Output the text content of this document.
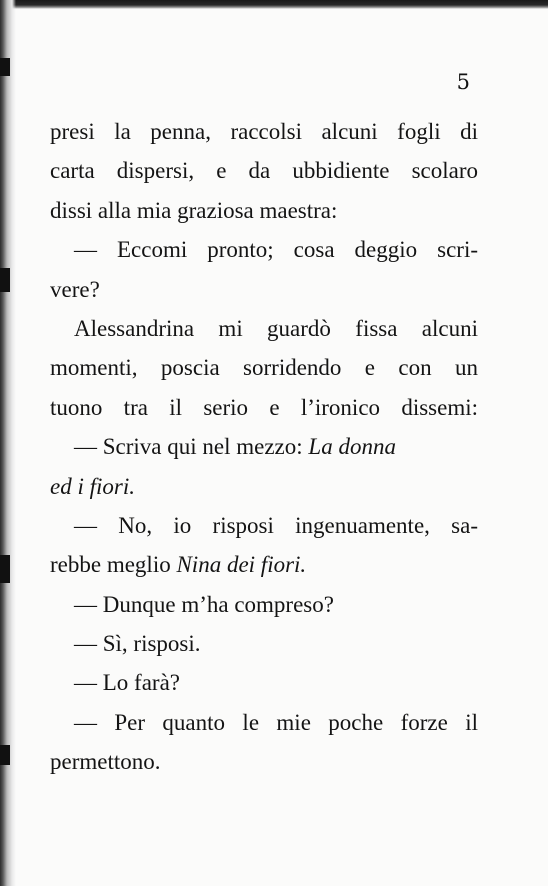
5
presi la penna, raccolsi alcuni fogli di
carta dispersi, e da ubbidiente scolaro
dissi alla mia graziosa maestra:
— Eccomi pronto; cosa deggio scri-
vere?
Alessandrina mi guardò fissa alcuni
momenti, poscia sorridendo e con un
tuono tra il serio e l’ironico dissemi:
— Scriva qui nel mezzo: La donna
ed i fiori.
— No, io risposi ingenuamente, sa-
rebbe meglio Nina dei fiori.
— Dunque m’ha compreso?
— Sì, risposi.
— Lo farà?
— Per quanto le mie poche forze il
permettono.
